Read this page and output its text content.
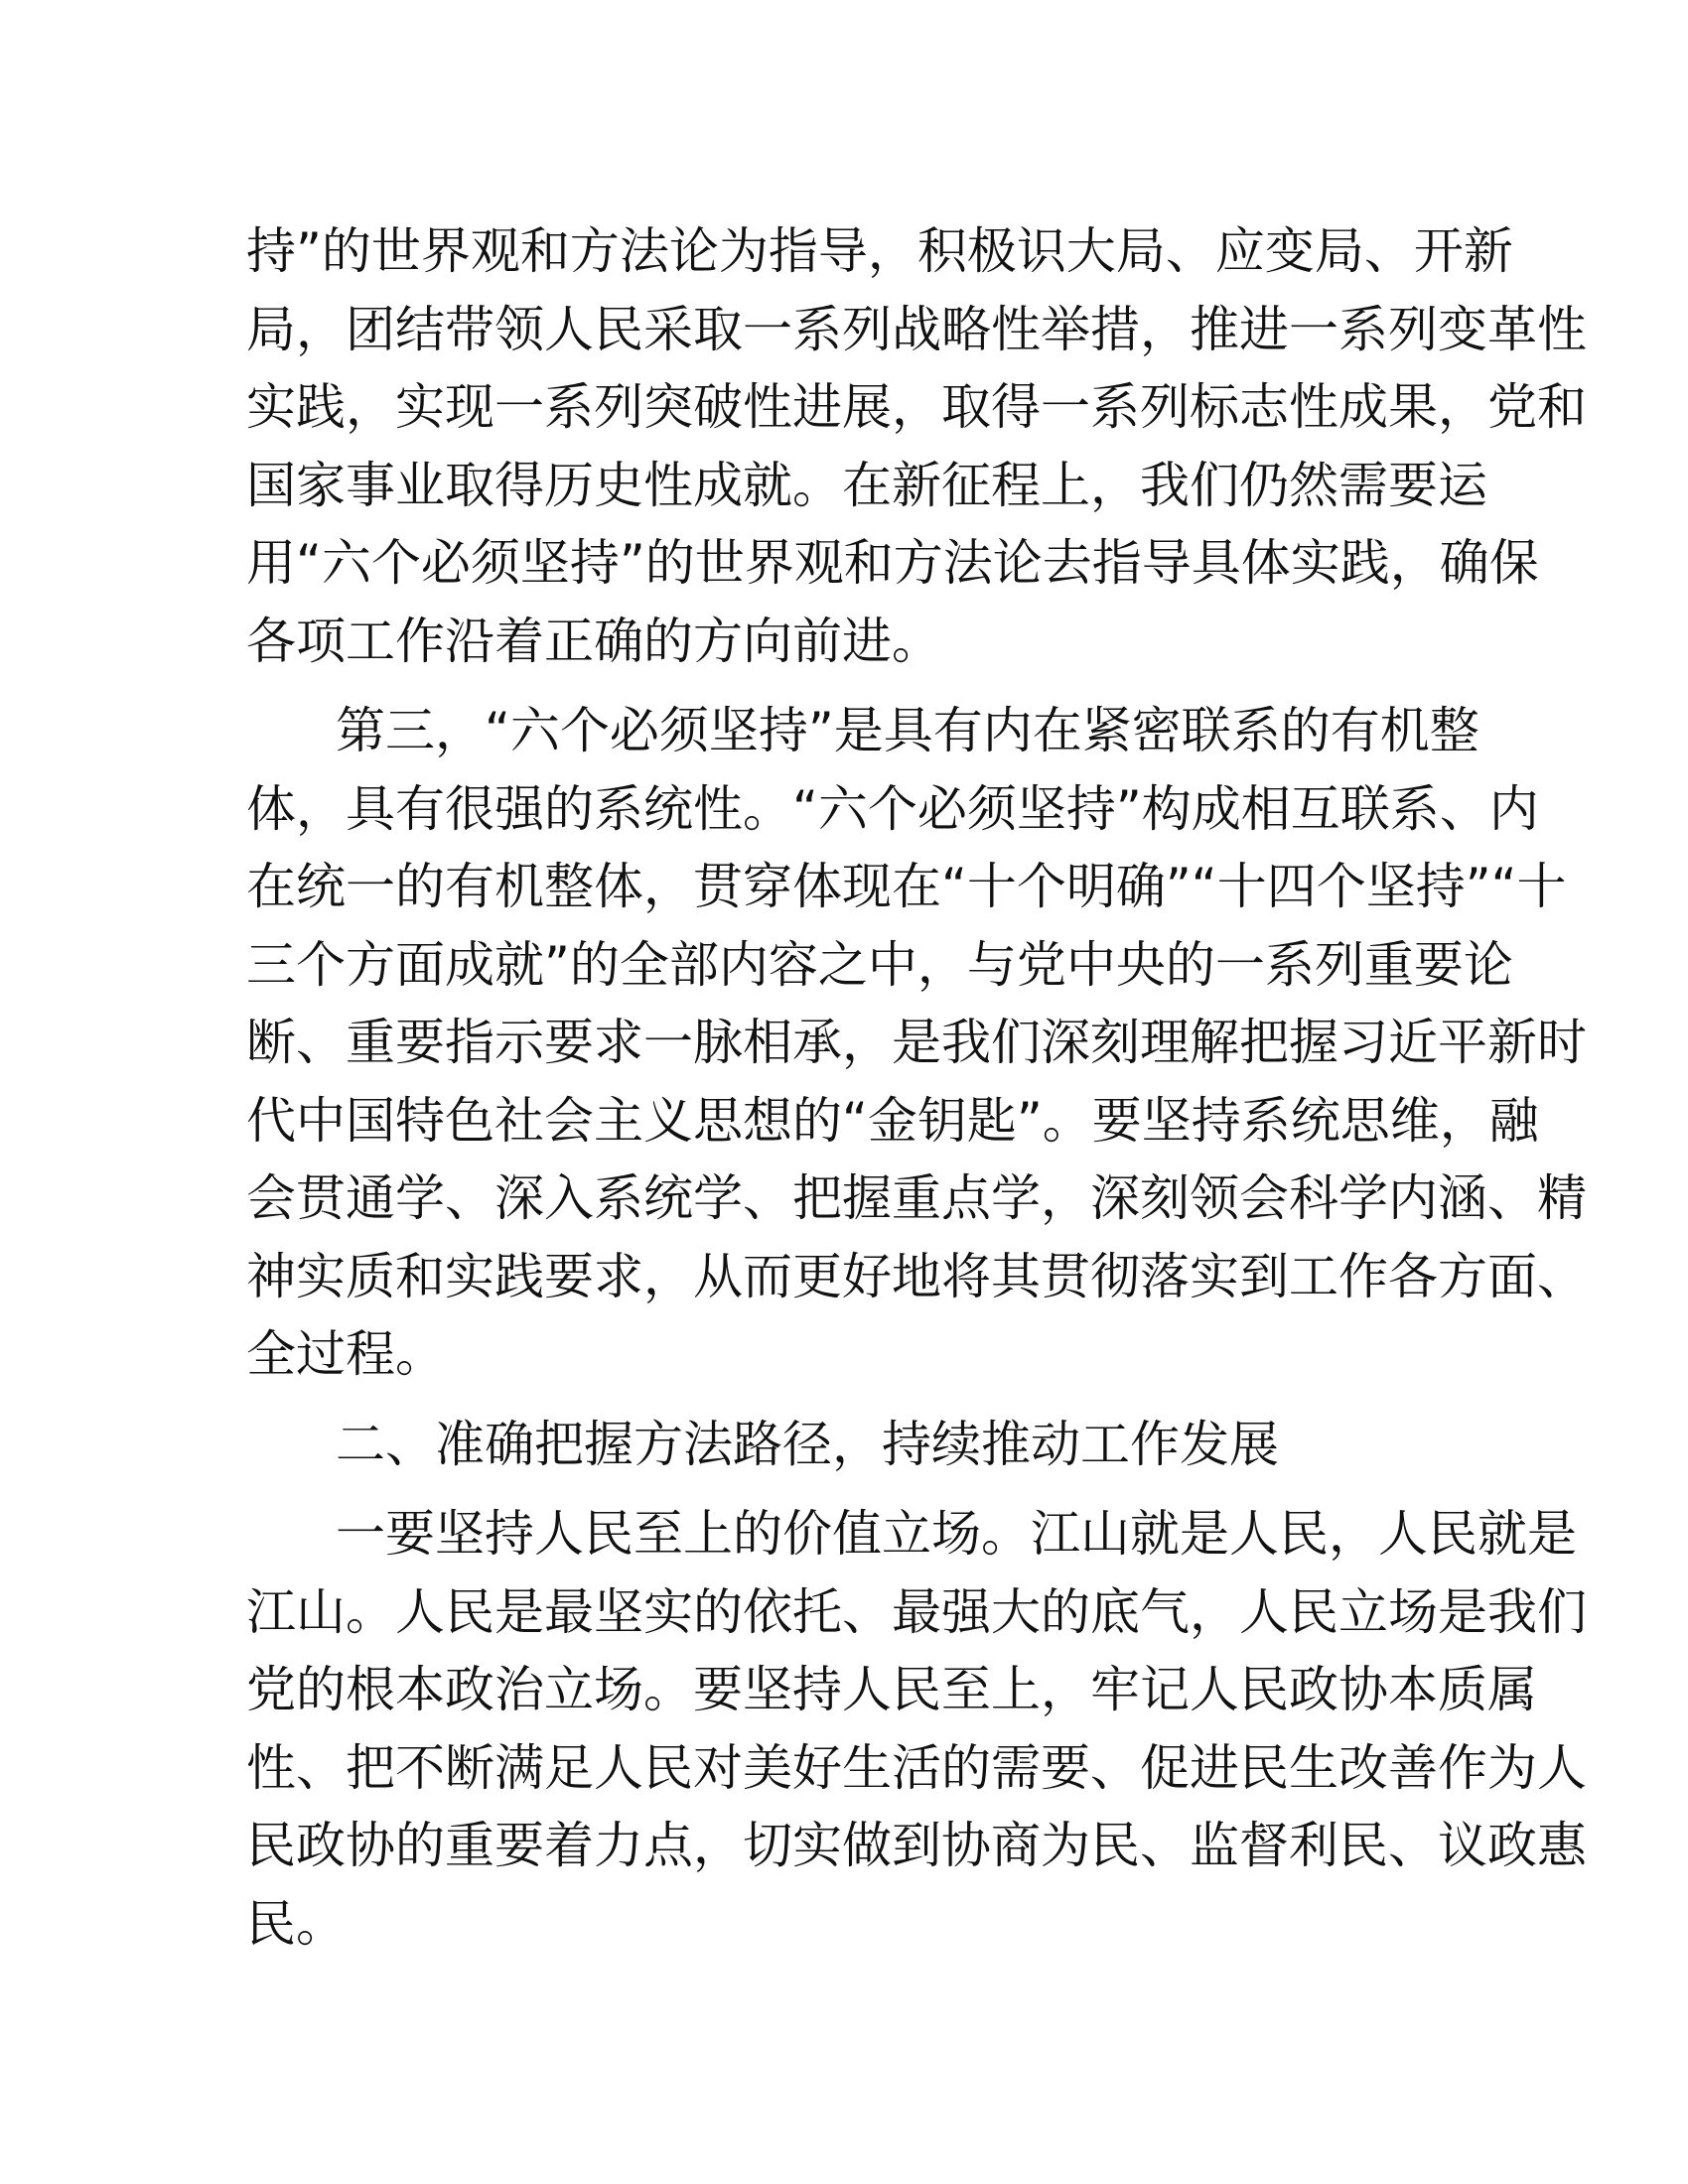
持”的世界观和方法论为指导，积极识大局、应变局、开新
局，团结带领人民采取一系列战略性举措，推进一系列变革性
实践，实现一系列突破性进展，取得一系列标志性成果，党和
国家事业取得历史性成就。在新征程上，我们仍然需要运
用“六个必须坚持”的世界观和方法论去指导具体实践，确保
各项工作沿着正确的方向前进。
第三，“六个必须坚持”是具有内在紧密联系的有机整
体，具有很强的系统性。“六个必须坚持”构成相互联系、内
在统一的有机整体，贯穿体现在“十个明确”“十四个坚持”“十
三个方面成就”的全部内容之中，与党中央的一系列重要论
断、重要指示要求一脉相承，是我们深刻理解把握习近平新时
代中国特色社会主义思想的“金钥匙”。要坚持系统思维，融
会贯通学、深入系统学、把握重点学，深刻领会科学内涵、精
神实质和实践要求，从而更好地将其贯彻落实到工作各方面、
全过程。
二、准确把握方法路径，持续推动工作发展
一要坚持人民至上的价值立场。江山就是人民，人民就是
江山。人民是最坚实的依托、最强大的底气，人民立场是我们
党的根本政治立场。要坚持人民至上，牢记人民政协本质属
性、把不断满足人民对美好生活的需要、促进民生改善作为人
民政协的重要着力点，切实做到协商为民、监督利民、议政惠
民。
